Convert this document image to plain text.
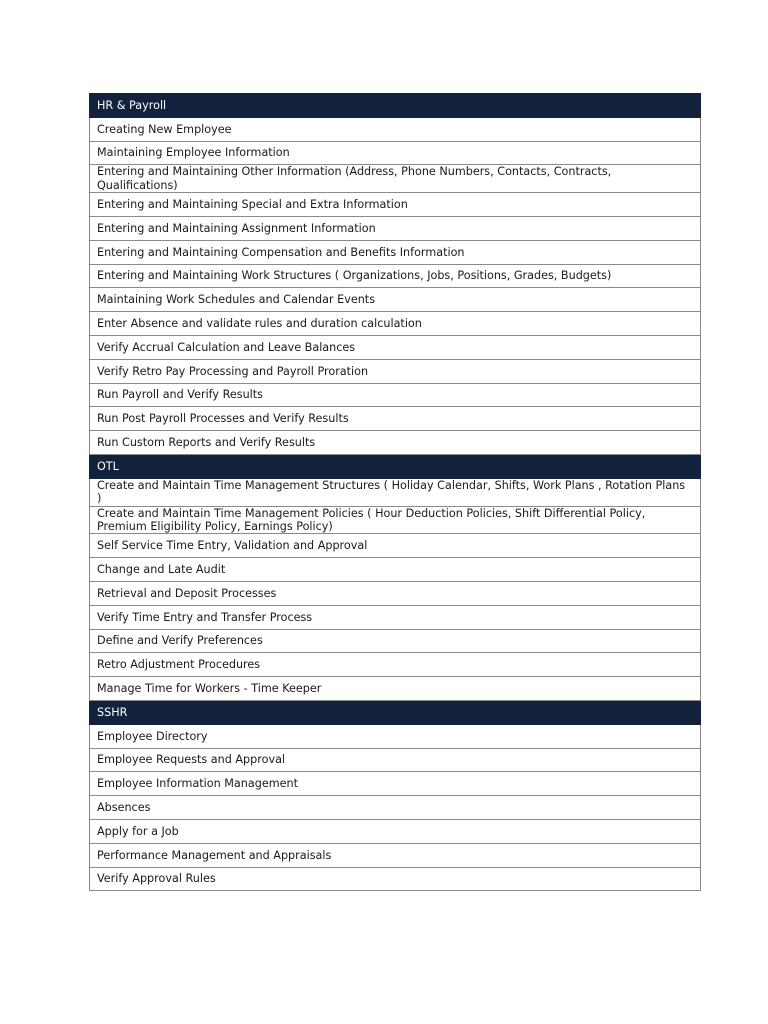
HR & Payroll
Creating New Employee
Maintaining Employee Information
Entering and Maintaining Other Information (Address, Phone Numbers, Contacts, Contracts, Qualifications)
Entering and Maintaining Special and Extra Information
Entering and Maintaining Assignment Information
Entering and Maintaining Compensation and Benefits Information
Entering and Maintaining Work Structures ( Organizations, Jobs, Positions, Grades, Budgets)
Maintaining Work Schedules and Calendar Events
Enter Absence and validate rules and duration calculation
Verify Accrual Calculation and Leave Balances
Verify Retro Pay Processing and Payroll Proration
Run Payroll and Verify Results
Run Post Payroll Processes and Verify Results
Run Custom Reports and Verify Results
OTL
Create and Maintain Time Management Structures ( Holiday Calendar, Shifts, Work Plans , Rotation Plans )
Create and Maintain Time Management Policies ( Hour Deduction Policies, Shift Differential Policy, Premium Eligibility Policy, Earnings Policy)
Self Service Time Entry, Validation and Approval
Change and Late Audit
Retrieval and Deposit Processes
Verify Time Entry and Transfer Process
Define and Verify Preferences
Retro Adjustment Procedures
Manage Time for Workers - Time Keeper
SSHR
Employee Directory
Employee Requests and Approval
Employee Information Management
Absences
Apply for a Job
Performance Management and Appraisals
Verify Approval Rules
